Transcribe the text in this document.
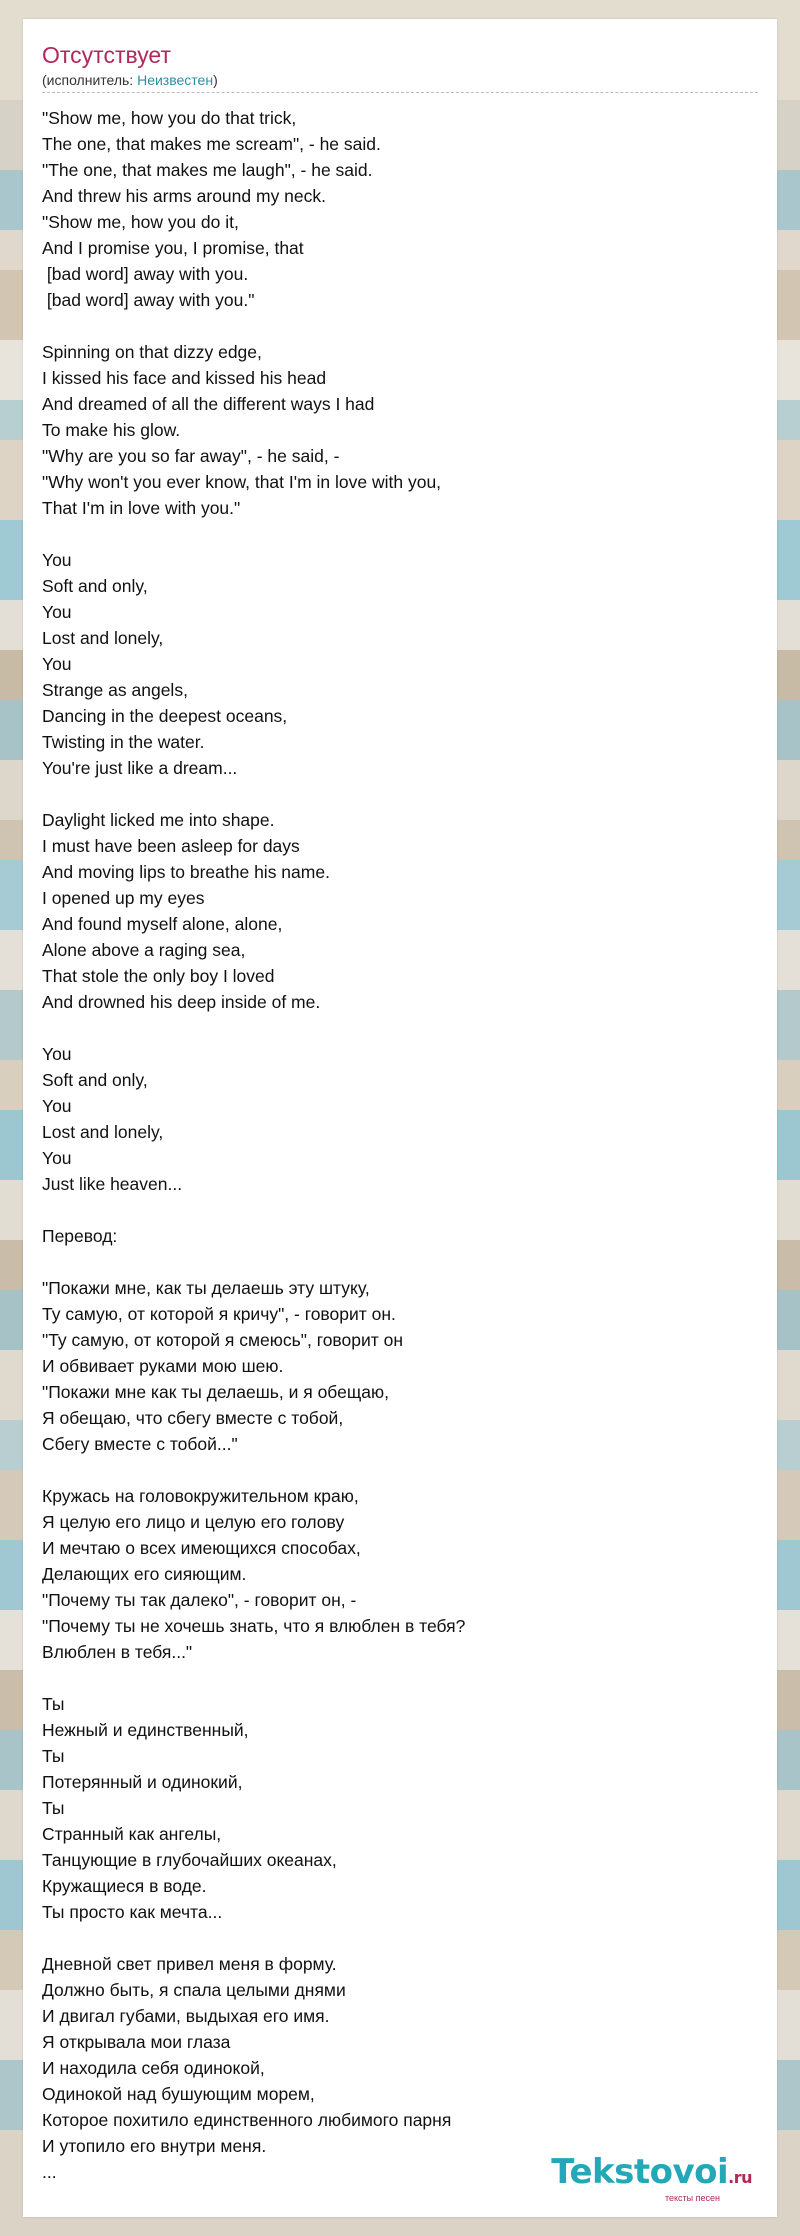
Отсутствует
(исполнитель: Неизвестен)
"Show me, how you do that trick,
The one, that makes me scream", - he said.
"The one, that makes me laugh", - he said.
And threw his arms around my neck.
"Show me, how you do it,
And I promise you, I promise, that
[bad word] away with you.
[bad word] away with you."

Spinning on that dizzy edge,
I kissed his face and kissed his head
And dreamed of all the different ways I had
To make his glow.
"Why are you so far away", - he said, -
"Why won't you ever know, that I'm in love with you,
That I'm in love with you."

You
Soft and only,
You
Lost and lonely,
You
Strange as angels,
Dancing in the deepest oceans,
Twisting in the water.
You're just like a dream...

Daylight licked me into shape.
I must have been asleep for days
And moving lips to breathe his name.
I opened up my eyes
And found myself alone, alone,
Alone above a raging sea,
That stole the only boy I loved
And drowned his deep inside of me.

You
Soft and only,
You
Lost and lonely,
You
Just like heaven...

Перевод:

"Покажи мне, как ты делаешь эту штуку,
Ту самую, от которой я кричу", - говорит он.
"Ту самую, от которой я смеюсь", говорит он
И обвивает руками мою шею.
"Покажи мне как ты делаешь, и я обещаю,
Я обещаю, что сбегу вместе с тобой,
Сбегу вместе с тобой..."

Кружась на головокружительном краю,
Я целую его лицо и целую его голову
И мечтаю о всех имеющихся способах,
Делающих его сияющим.
"Почему ты так далеко", - говорит он, -
"Почему ты не хочешь знать, что я влюблен в тебя?
Влюблен в тебя..."

Ты
Нежный и единственный,
Ты
Потерянный и одинокий,
Ты
Странный как ангелы,
Танцующие в глубочайших океанах,
Кружащиеся в воде.
Ты просто как мечта...

Дневной свет привел меня в форму.
Должно быть, я спала целыми днями
И двигал губами, выдыхая его имя.
Я открывала мои глаза
И находила себя одинокой,
Одинокой над бушующим морем,
Которое похитило единственного любимого парня
И утопило его внутри меня.
...	Tekstovoi.ru
тексты песен
